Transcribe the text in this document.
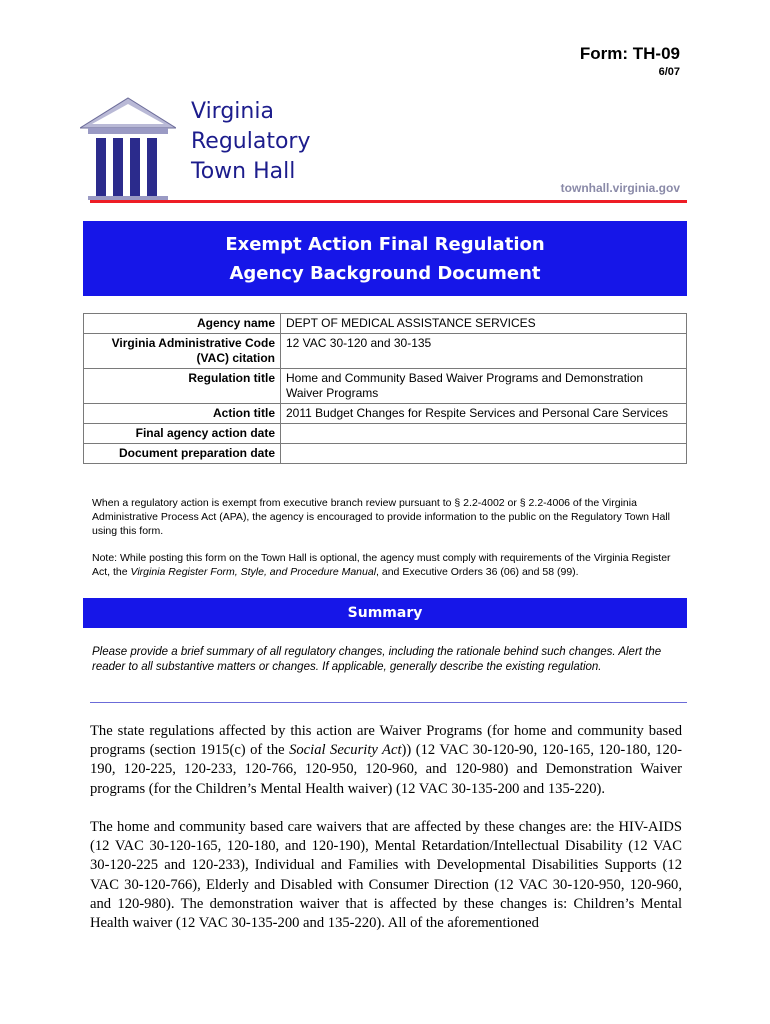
Form: TH-09
6/07
Virginia
Regulatory
Town Hall
townhall.virginia.gov
Exempt Action Final Regulation
Agency Background Document
Agency name	DEPT OF MEDICAL ASSISTANCE SERVICES
Virginia Administrative Code (VAC) citation	12 VAC 30-120 and 30-135
Regulation title	Home and Community Based Waiver Programs and Demonstration Waiver Programs
Action title	2011 Budget Changes for Respite Services and Personal Care Services
Final agency action date	
Document preparation date	
When a regulatory action is exempt from executive branch review pursuant to § 2.2-4002 or § 2.2-4006 of the Virginia Administrative Process Act (APA), the agency is encouraged to provide information to the public on the Regulatory Town Hall using this form.
Note: While posting this form on the Town Hall is optional, the agency must comply with requirements of the Virginia Register Act, the Virginia Register Form, Style, and Procedure Manual, and Executive Orders 36 (06) and 58 (99).
Summary
Please provide a brief summary of all regulatory changes, including the rationale behind such changes. Alert the reader to all substantive matters or changes. If applicable, generally describe the existing regulation.
The state regulations affected by this action are Waiver Programs (for home and community based programs (section 1915(c) of the Social Security Act)) (12 VAC 30-120-90, 120-165, 120-180, 120-190, 120-225, 120-233, 120-766, 120-950, 120-960, and 120-980) and Demonstration Waiver programs (for the Children’s Mental Health waiver) (12 VAC 30-135-200 and 135-220).
The home and community based care waivers that are affected by these changes are: the HIV-AIDS (12 VAC 30-120-165, 120-180, and 120-190), Mental Retardation/Intellectual Disability (12 VAC 30-120-225 and 120-233), Individual and Families with Developmental Disabilities Supports (12 VAC 30-120-766), Elderly and Disabled with Consumer Direction (12 VAC 30-120-950, 120-960, and 120-980). The demonstration waiver that is affected by these changes is: Children’s Mental Health waiver (12 VAC 30-135-200 and 135-220). All of the aforementioned
